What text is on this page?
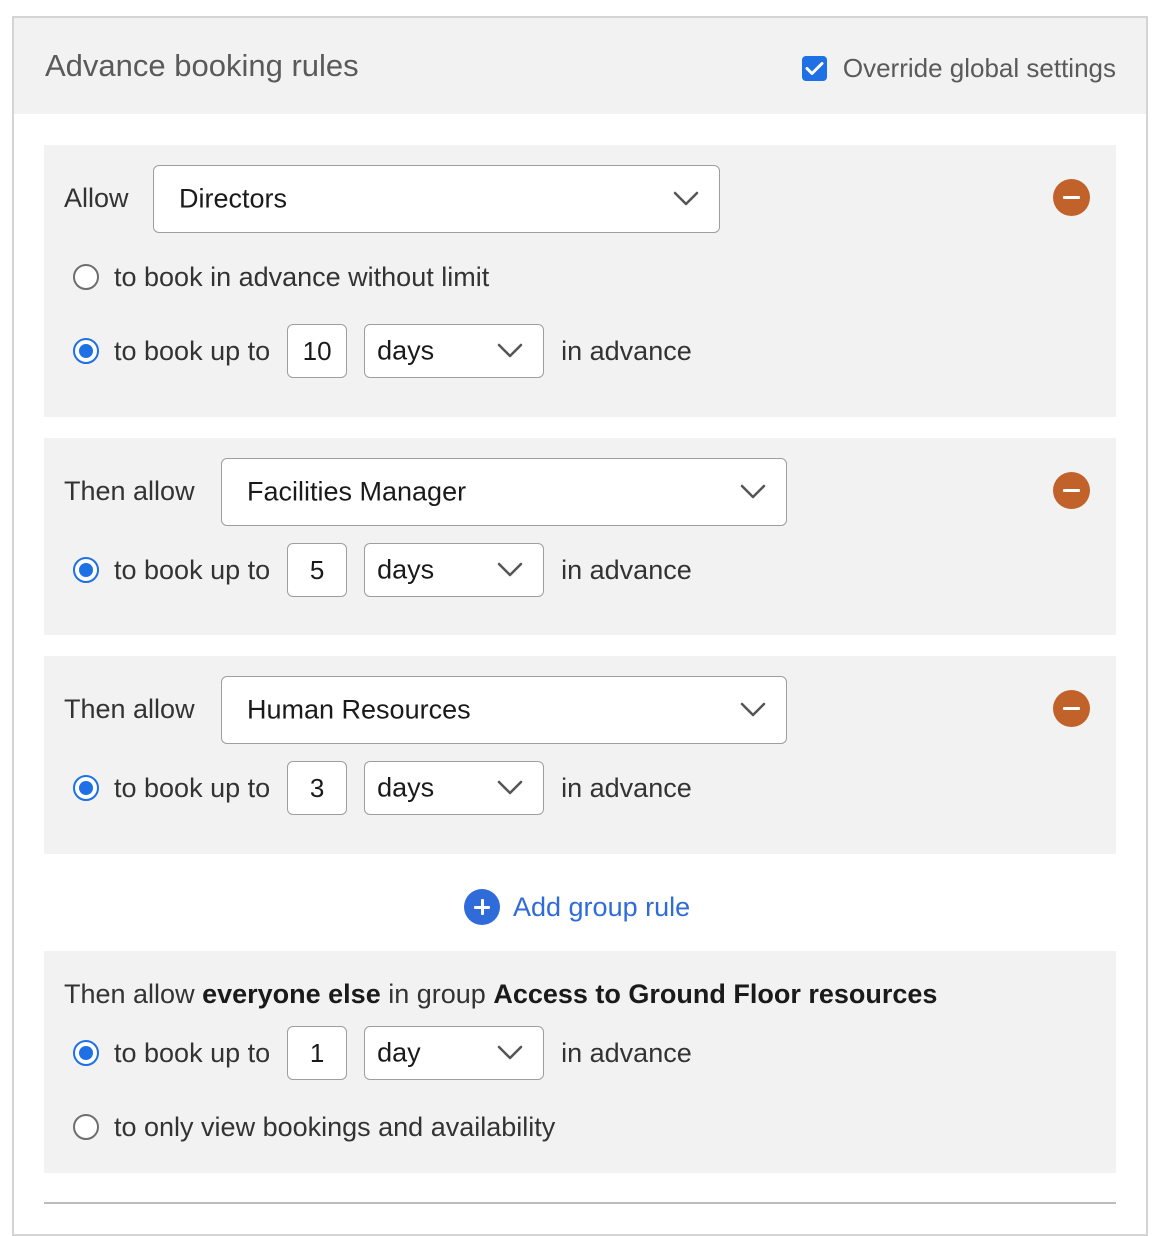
Advance booking rules	Override global settings
Allow Directors
to book in advance without limit
to book up to
10	days	in advance
Then allow Facilities Manager
to book up to
5	days	in advance
Then allow Human Resources
to book up to
3	days	in advance
Add group rule
Then allow everyone else in group Access to Ground Floor resources
to book up to
1	day	in advance
to only view bookings and availability
